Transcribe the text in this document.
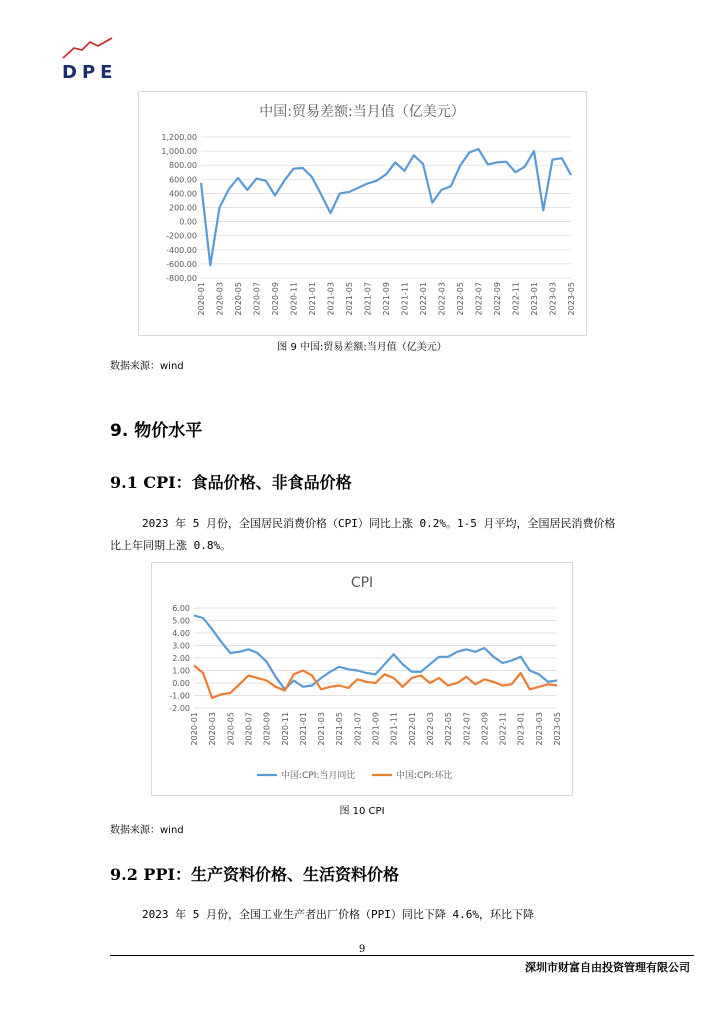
DPE
中国:贸易差额:当月值（亿美元）
1,200.00
1,000.00
800.00
600.00
400.00
200.00
0.00
-200.00
-400.00
-600.00
-800.00
2020-01 2020-03 2020-05 2020-07 2020-09 2020-11 2021-01 2021-03 2021-05 2021-07 2021-09 2021-11 2022-01 2022-03 2022-05 2022-07 2022-09 2022-11 2023-01 2023-03 2023-05
图 9 中国:贸易差额:当月值（亿美元）
数据来源：wind
9. 物价水平
9.1 CPI：食品价格、非食品价格

2023 年 5 月份，全国居民消费价格（CPI）同比上涨 0.2%。1-5 月平均，全国居民消费价格比上年同期上涨 0.8%。

CPI
6.00
5.00
4.00
3.00
2.00
1.00
0.00
-1.00
-2.00
2020-01 2020-03 2020-05 2020-07 2020-09 2020-11 2021-01 2021-03 2021-05 2021-07 2021-09 2021-11 2022-01 2022-03 2022-05 2022-07 2022-09 2022-11 2023-01 2023-03 2023-05
中国:CPI:当月同比	中国:CPI:环比
图 10 CPI
数据来源：wind
9.2 PPI：生产资料价格、生活资料价格

2023 年 5 月份，全国工业生产者出厂价格（PPI）同比下降 4.6%，环比下降

9
深圳市财富自由投资管理有限公司
